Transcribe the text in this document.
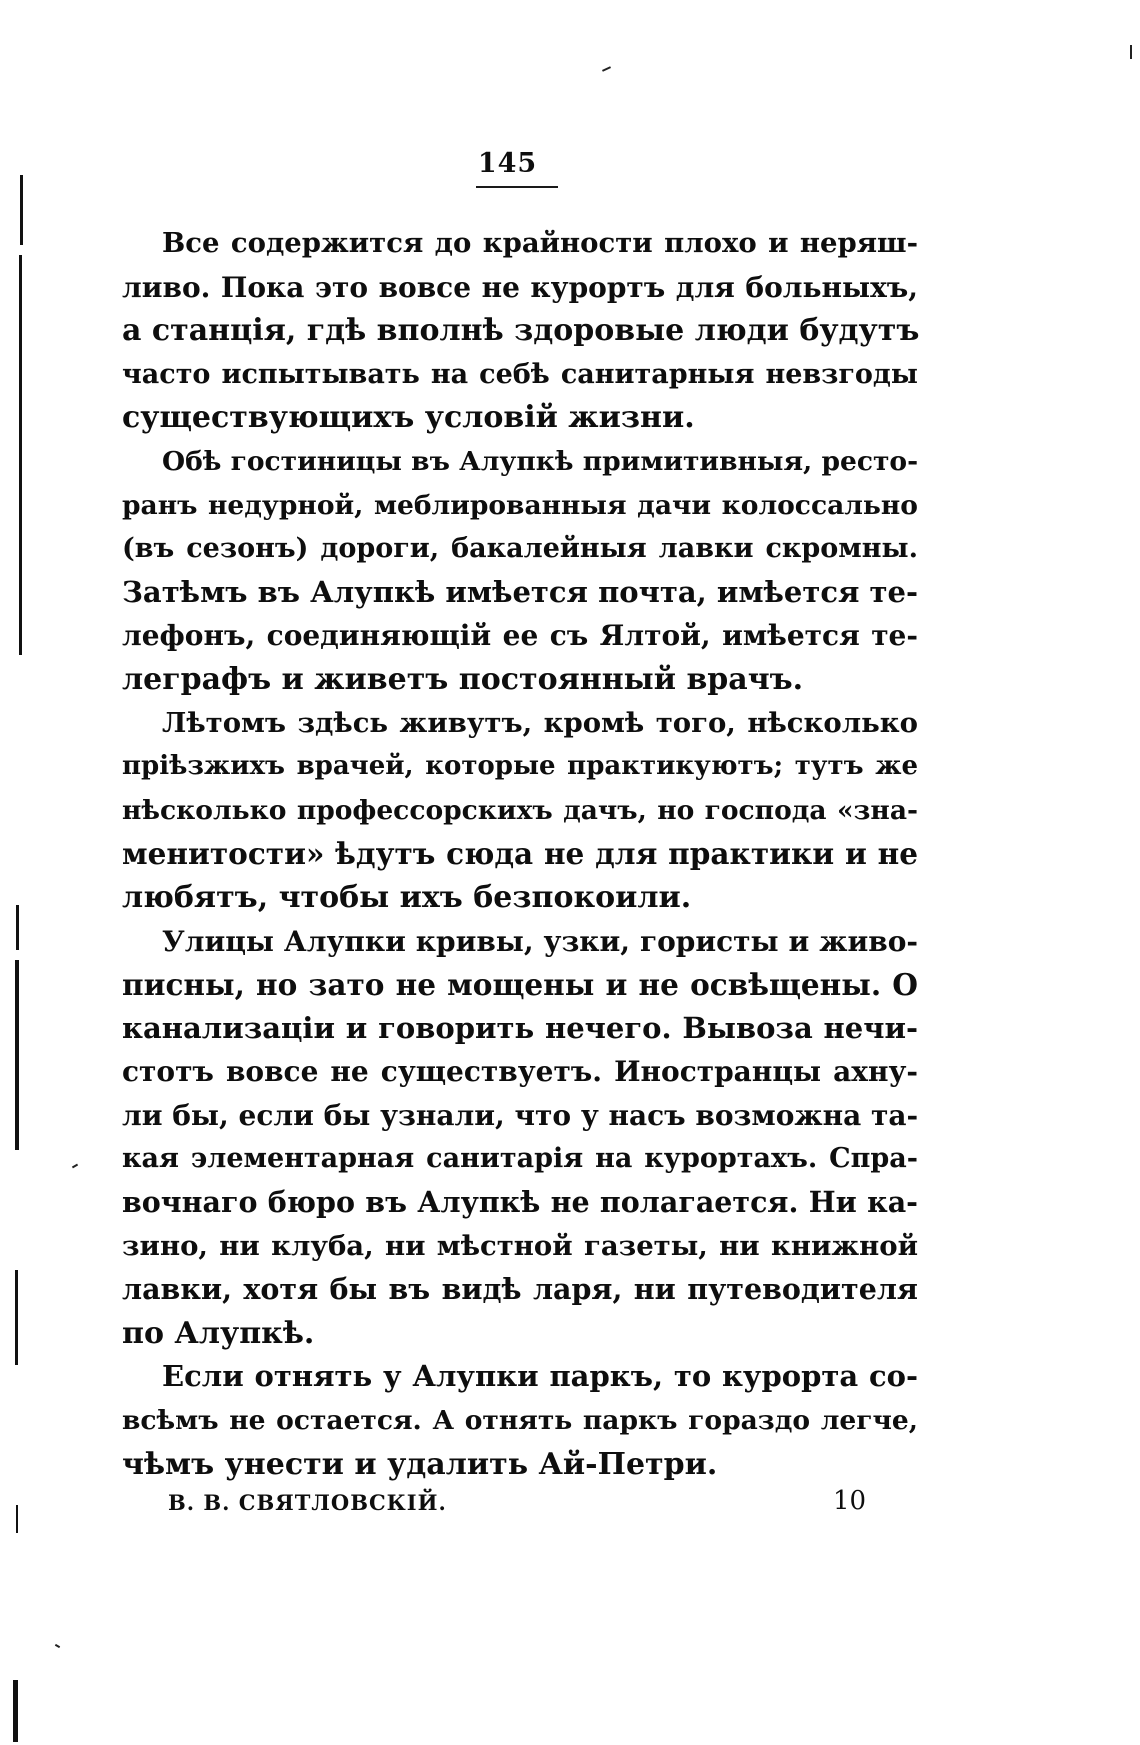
145
Все содержится до крайности плохо и неряш-
ливо. Пока это вовсе не курортъ для больныхъ,
а станцiя, гдѣ вполнѣ здоровые люди будутъ
часто испытывать на себѣ санитарныя невзгоды
существующихъ условiй жизни.
Обѣ гостиницы въ Алупкѣ примитивныя, ресто-
ранъ недурной, меблированныя дачи колоссально
(въ сезонъ) дороги, бакалейныя лавки скромны.
Затѣмъ въ Алупкѣ имѣется почта, имѣется те-
лефонъ, соединяющiй ее съ Ялтой, имѣется те-
леграфъ и живетъ постоянный врачъ.
Лѣтомъ здѣсь живутъ, кромѣ того, нѣсколько
прiѣзжихъ врачей, которые практикуютъ; тутъ же
нѣсколько профессорскихъ дачъ, но господа «зна-
менитости» ѣдутъ сюда не для практики и не
любятъ, чтобы ихъ безпокоили.
Улицы Алупки кривы, узки, гористы и живо-
писны, но зато не мощены и не освѣщены. О
канализацiи и говорить нечего. Вывоза нечи-
стотъ вовсе не существуетъ. Иностранцы ахну-
ли бы, если бы узнали, что у насъ возможна та-
кая элементарная санитарiя на курортахъ. Спра-
вочнаго бюро въ Алупкѣ не полагается. Ни ка-
зино, ни клуба, ни мѣстной газеты, ни книжной
лавки, хотя бы въ видѣ ларя, ни путеводителя
по Алупкѣ.
Если отнять у Алупки паркъ, то курорта со-
всѣмъ не остается. А отнять паркъ гораздо легче,
чѣмъ унести и удалить Ай-Петри.
В. В. СВЯТЛОВСКIЙ.	10
